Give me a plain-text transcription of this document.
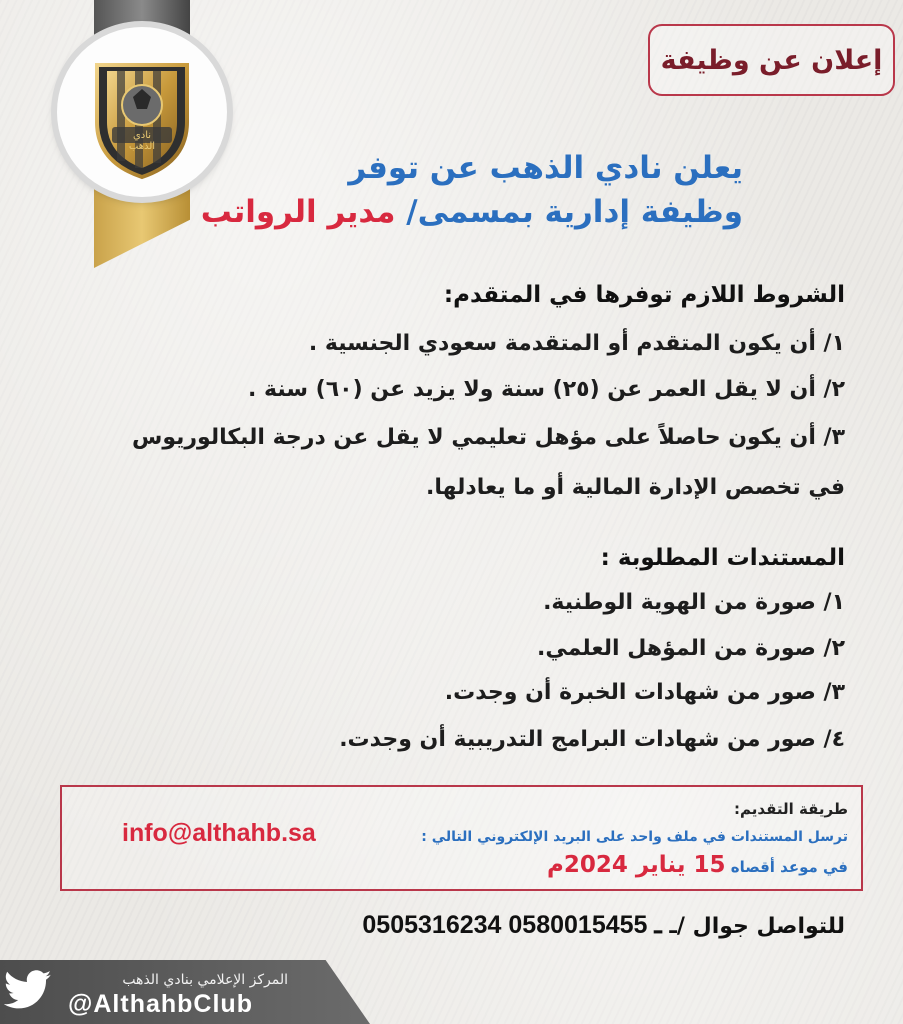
نادي الذهب
إعلان عن وظيفة
يعلن نادي الذهب عن توفر
وظيفة إدارية بمسمى/ مدير الرواتب
الشروط اللازم توفرها في المتقدم:
١/ أن يكون المتقدم أو المتقدمة سعودي الجنسية .
٢/ أن لا يقل العمر عن (٢٥) سنة ولا يزيد عن (٦٠) سنة .
٣/ أن يكون حاصلاً على مؤهل تعليمي لا يقل عن درجة البكالوريوس
في تخصص الإدارة المالية أو ما يعادلها.
المستندات المطلوبة :
١/ صورة من الهوية الوطنية.
٢/ صورة من المؤهل العلمي.
٣/ صور من شهادات الخبرة أن وجدت.
٤/ صور من شهادات البرامج التدريبية أن وجدت.
طريقة التقديم:
ترسل المستندات في ملف واحد على البريد الإلكتروني التالي :
info@althahb.sa
في موعد أقصاه 15 يناير 2024م
للتواصل جوال /ـ 0505316234 ـ 0580015455
المركز الإعلامي بنادي الذهب
@AlthahbClub
